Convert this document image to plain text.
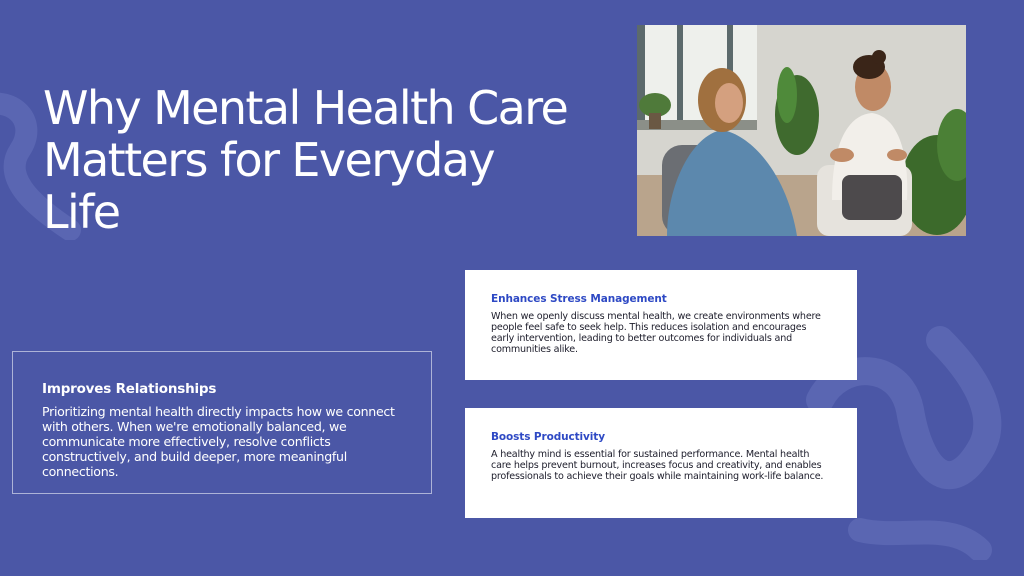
Why Mental Health Care Matters for Everyday Life
Improves Relationships

Prioritizing mental health directly impacts how we connect with others. When we're emotionally balanced, we communicate more effectively, resolve conflicts constructively, and build deeper, more meaningful connections.

Enhances Stress Management

When we openly discuss mental health, we create environments where people feel safe to seek help. This reduces isolation and encourages early intervention, leading to better outcomes for individuals and communities alike.

Boosts Productivity

A healthy mind is essential for sustained performance. Mental health care helps prevent burnout, increases focus and creativity, and enables professionals to achieve their goals while maintaining work-life balance.
